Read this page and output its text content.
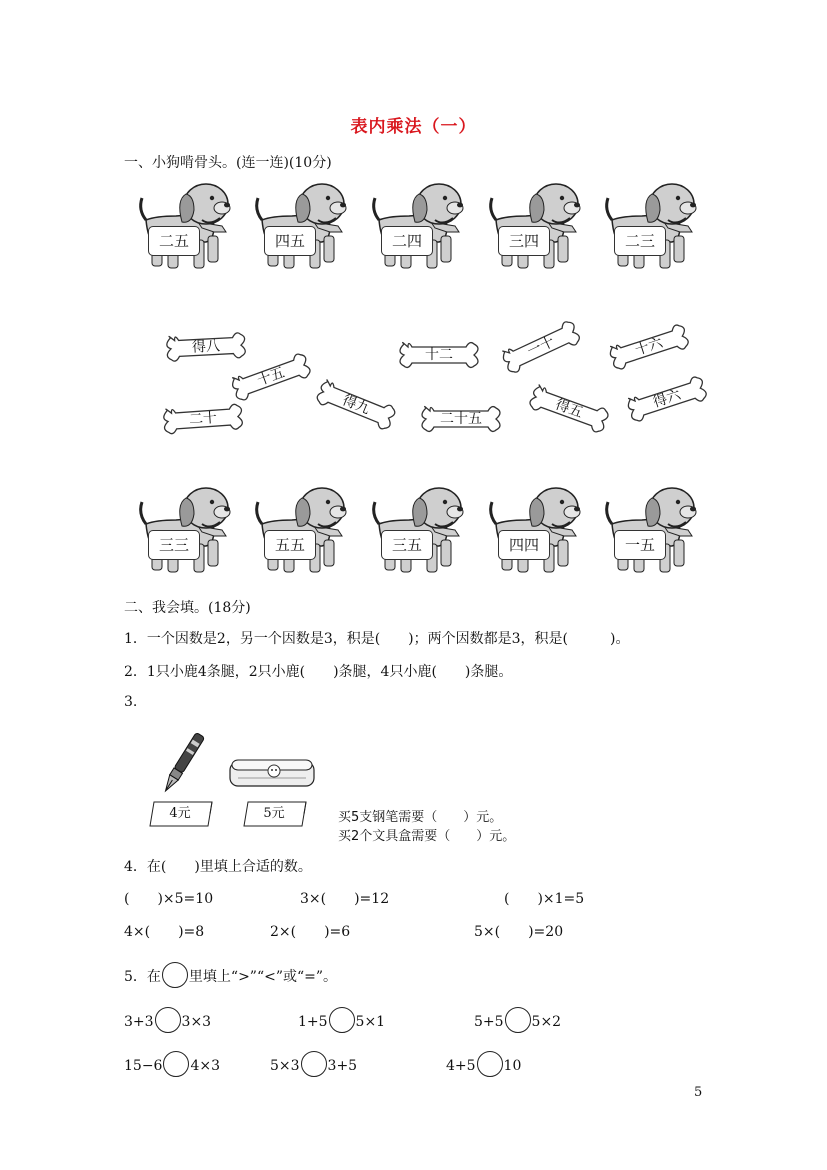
表内乘法（一）
一、小狗啃骨头。(连一连)(10分)
二五	四五	二四	三四	二三
三三	五五	三五	四四	一五
得八
十五
得九
二十
十二
二十五
一十
得五
十六
得六
二、我会填。(18分)
1．一个因数是2，另一个因数是3，积是(　　)；两个因数都是3，积是(　　　)。
2．1只小鹿4条腿，2只小鹿(　　)条腿，4只小鹿(　　)条腿。
3.
4元	5元	买5支钢笔需要（　　）元。
买2个文具盒需要（　　）元。
4．在(　　)里填上合适的数。
(　　)×5=10	3×(　　)=12	(　　)×1=5
4×(　　)=8	2×(　　)=6	5×(　　)=20
5．在 里填上“>”“<”或“=”。
3+3 3×3	1+5 5×1	5+5 5×2
15−6 4×3	5×3 3+5	4+5 10
5
